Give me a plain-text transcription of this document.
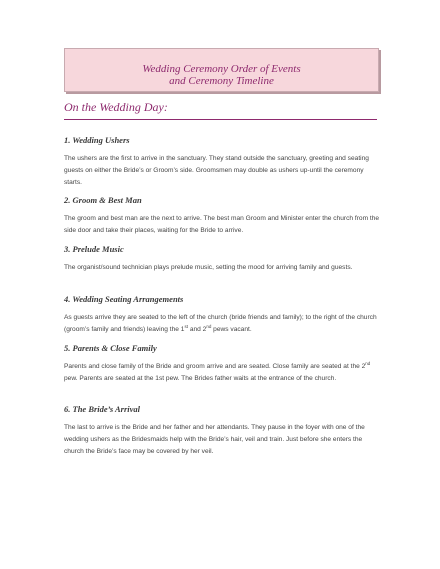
Wedding Ceremony Order of Events
and Ceremony Timeline
On the Wedding Day:
1. Wedding Ushers
The ushers are the first to arrive in the sanctuary. They stand outside the sanctuary, greeting and seating guests on either the Bride’s or Groom’s side. Groomsmen may double as ushers up-until the ceremony starts.
2. Groom & Best Man
The groom and best man are the next to arrive. The best man Groom and Minister enter the church from the side door and take their places, waiting for the Bride to arrive.
3. Prelude Music
The organist/sound technician plays prelude music, setting the mood for arriving family and guests.
4. Wedding Seating Arrangements
As guests arrive they are seated to the left of the church (bride friends and family); to the right of the church (groom’s family and friends) leaving the 1st and 2nd pews vacant.
5. Parents & Close Family
Parents and close family of the Bride and groom arrive and are seated. Close family are seated at the 2nd pew. Parents are seated at the 1st pew. The Brides father waits at the entrance of the church.
6. The Bride’s Arrival
The last to arrive is the Bride and her father and her attendants. They pause in the foyer with one of the wedding ushers as the Bridesmaids help with the Bride’s hair, veil and train. Just before she enters the church the Bride’s face may be covered by her veil.
